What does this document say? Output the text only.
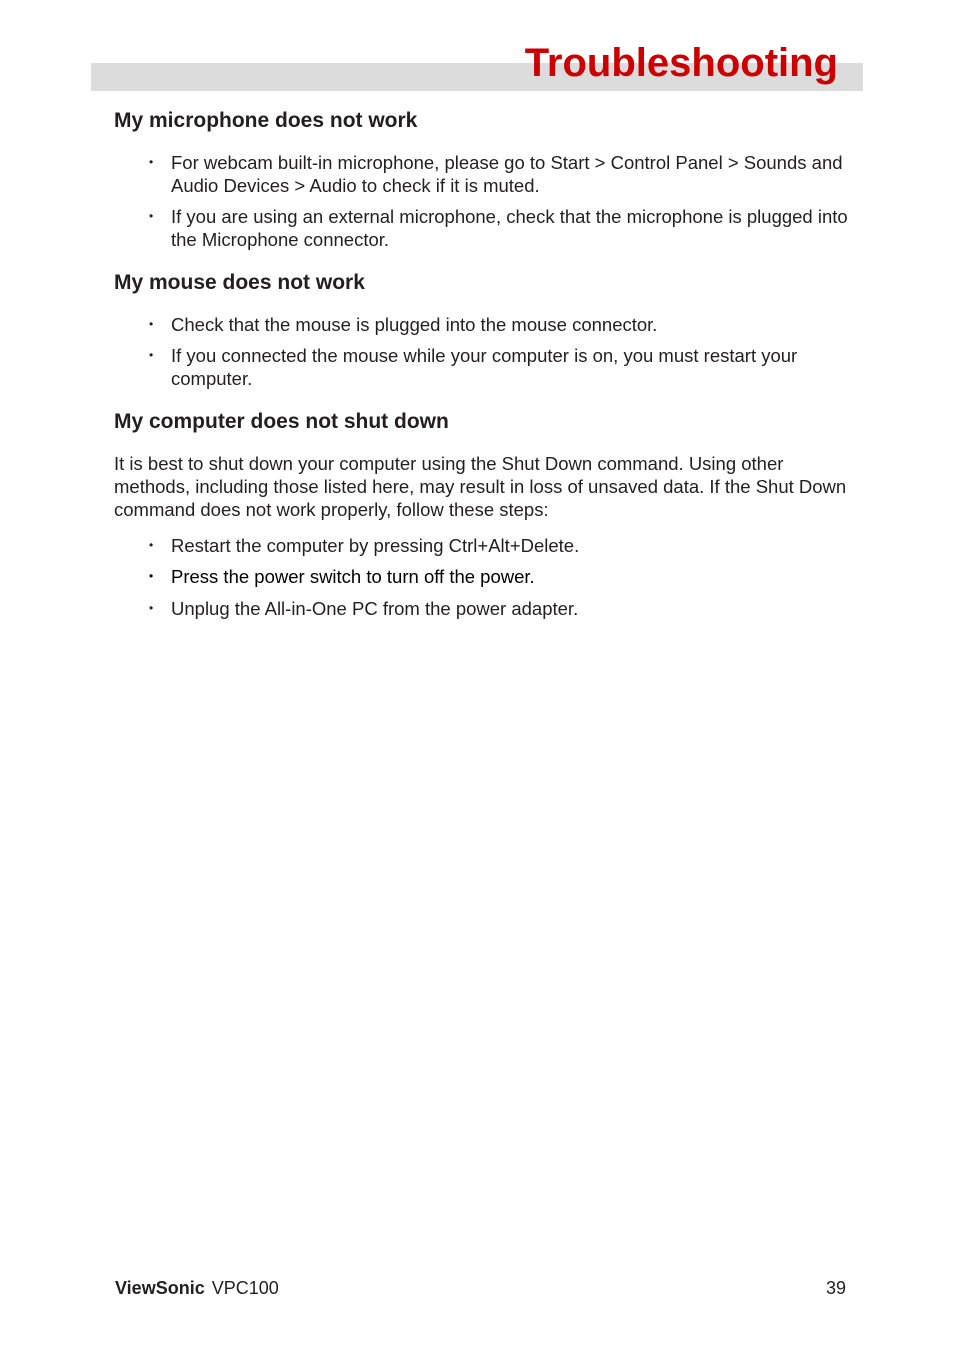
Troubleshooting
My microphone does not work
• For webcam built-in microphone, please go to Start > Control Panel > Sounds and Audio Devices > Audio to check if it is muted.
• If you are using an external microphone, check that the microphone is plugged into the Microphone connector.
My mouse does not work
• Check that the mouse is plugged into the mouse connector.
• If you connected the mouse while your computer is on, you must restart your computer.
My computer does not shut down

It is best to shut down your computer using the Shut Down command. Using other methods, including those listed here, may result in loss of unsaved data. If the Shut Down command does not work properly, follow these steps:

• Restart the computer by pressing Ctrl+Alt+Delete.
• Press the power switch to turn off the power.
• Unplug the All-in-One PC from the power adapter.
ViewSonic VPC100	39
